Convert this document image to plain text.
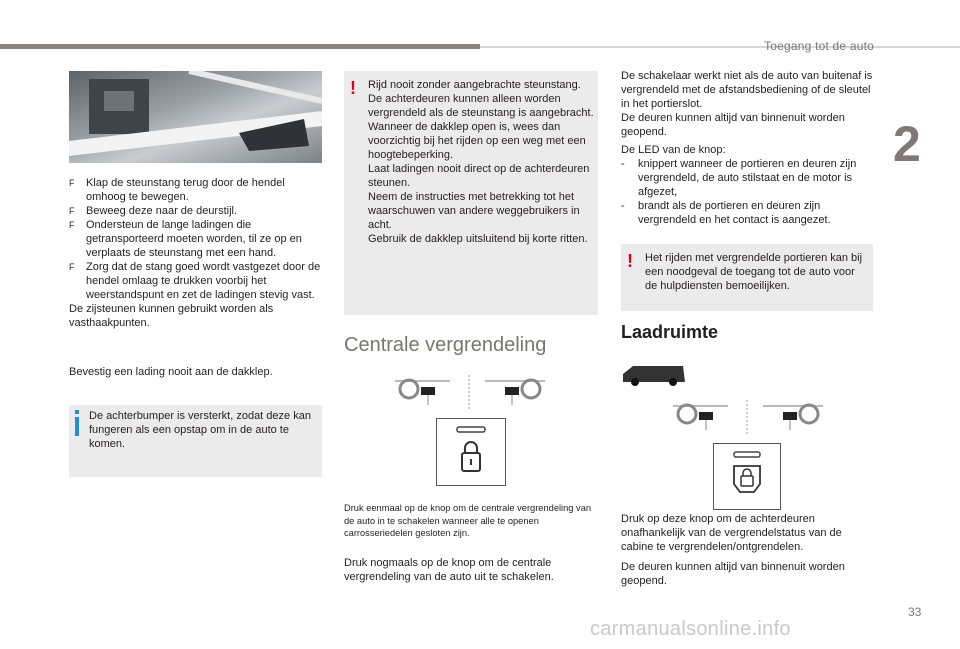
Toegang tot de auto
2
F Klap de steunstang terug door de hendel omhoog te bewegen.
F Beweeg deze naar de deurstijl.
F Ondersteun de lange ladingen die getransporteerd moeten worden, til ze op en verplaats de steunstang met een hand.
F Zorg dat de stang goed wordt vastgezet door de hendel omlaag te drukken voorbij het weerstandspunt en zet de ladingen stevig vast.
De zijsteunen kunnen gebruikt worden als vasthaakpunten.
Bevestig een lading nooit aan de dakklep.
De achterbumper is versterkt, zodat deze kan fungeren als een opstap om in de auto te komen.
! Rijd nooit zonder aangebrachte steunstang.
De achterdeuren kunnen alleen worden vergrendeld als de steunstang is aangebracht.
Wanneer de dakklep open is, wees dan voorzichtig bij het rijden op een weg met een hoogtebeperking.
Laat ladingen nooit direct op de achterdeuren steunen.
Neem de instructies met betrekking tot het waarschuwen van andere weggebruikers in acht.
Gebruik de dakklep uitsluitend bij korte ritten.
Centrale vergrendeling
Druk eenmaal op de knop om de centrale vergrendeling van de auto in te schakelen wanneer alle te openen carrosseriedelen gesloten zijn.
Druk nogmaals op de knop om de centrale vergrendeling van de auto uit te schakelen.
De schakelaar werkt niet als de auto van buitenaf is vergrendeld met de afstandsbediening of de sleutel in het portierslot.
De deuren kunnen altijd van binnenuit worden geopend.
De LED van de knop:
- knippert wanneer de portieren en deuren zijn vergrendeld, de auto stilstaat en de motor is afgezet,
- brandt als de portieren en deuren zijn vergrendeld en het contact is aangezet.
! Het rijden met vergrendelde portieren kan bij een noodgeval de toegang tot de auto voor de hulpdiensten bemoeilijken.
Laadruimte
Druk op deze knop om de achterdeuren onafhankelijk van de vergrendelstatus van de cabine te vergrendelen/ontgrendelen.
De deuren kunnen altijd van binnenuit worden geopend.
33
carmanualsonline.info
